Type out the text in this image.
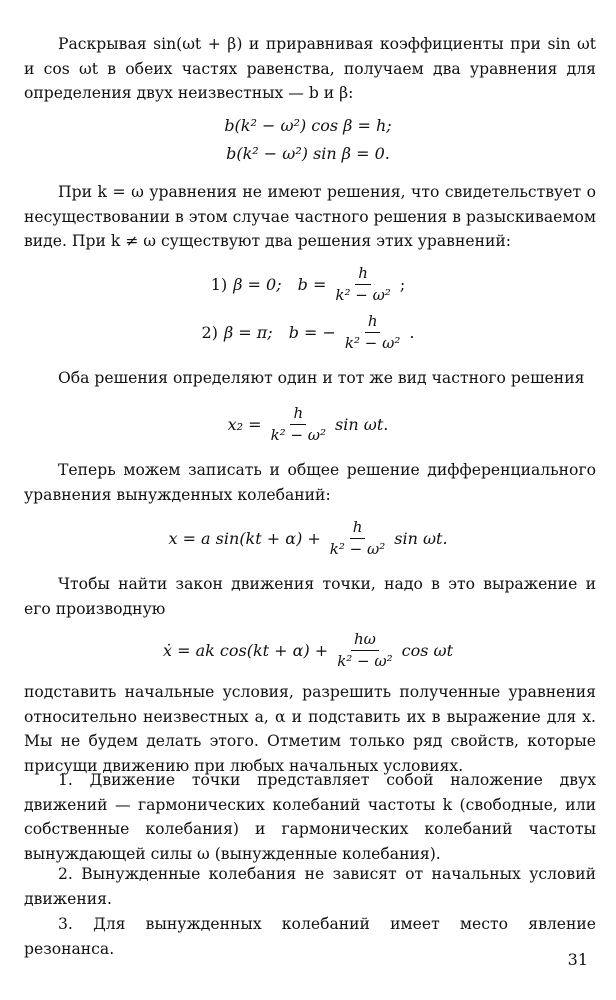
Раскрывая sin(ωt + β) и приравнивая коэффициенты при sin ωt и cos ωt в обеих частях равенства, получаем два уравнения для определения двух неизвестных — b и β:

b(k² − ω²) cos β = h;
b(k² − ω²) sin β = 0.

При k = ω уравнения не имеют решения, что свидетельствует о несуществовании в этом случае частного решения в разыскиваемом виде. При k ≠ ω существуют два решения этих уравнений:

1) β = 0; $b = \frac{h}{\text{k² − ω²}}$ ;
2) β = π; b = − $\frac{h}{\text{k² − ω²}}$ .

Оба решения определяют один и тот же вид частного решения

$x_2 = \frac{h}{\text{k² − ω²}}$ sin ωt.

Теперь можем записать и общее решение дифференциального уравнения вынужденных колебаний:

x = a $\sin(kt + \alpha) + \frac{h}{\text{k² − ω²}}$ sin ωt.

Чтобы найти закон движения точки, надо в это выражение и его производную

ẋ = ak $\cos(kt + \alpha) + \frac{h\omega}{\text{k² − ω²}}$ cos ωt

подставить начальные условия, разрешить полученные уравнения относительно неизвестных a, α и подставить их в выражение для x. Мы не будем делать этого. Отметим только ряд свойств, которые присущи движению при любых начальных условиях.

1. Движение точки представляет собой наложение двух движений — гармонических колебаний частоты k (свободные, или собственные колебания) и гармонических колебаний частоты вынуждающей силы ω (вынужденные колебания).

2. Вынужденные колебания не зависят от начальных условий движения.

3. Для вынужденных колебаний имеет место явление резонанса.

31
